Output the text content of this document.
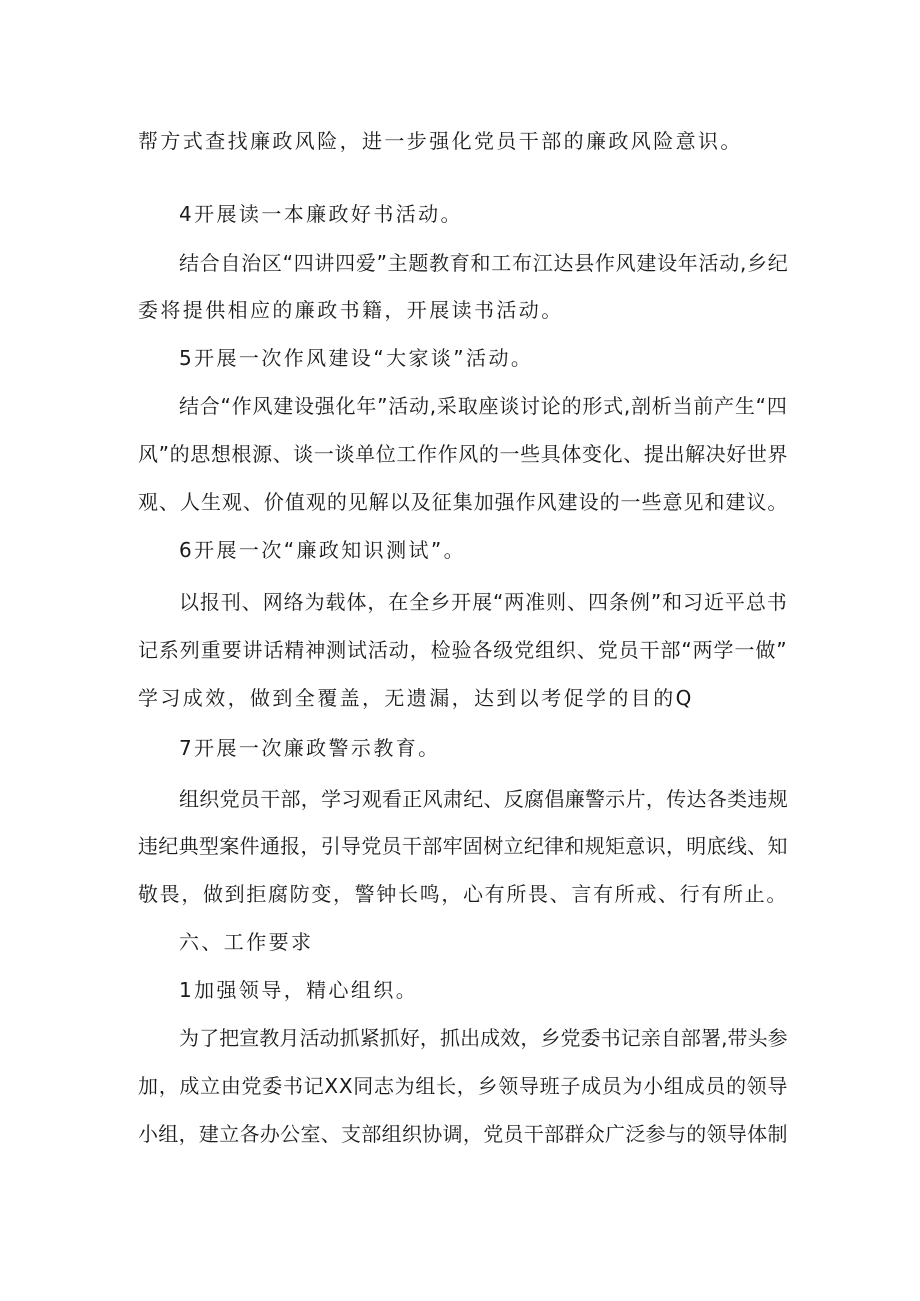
帮方式查找廉政风险，进一步强化党员干部的廉政风险意识。

4开展读一本廉政好书活动。

结合自治区“四讲四爱”主题教育和工布江达县作风建设年活动,乡纪

委将提供相应的廉政书籍，开展读书活动。

5开展一次作风建设“大家谈”活动。

结合“作风建设强化年”活动,采取座谈讨论的形式,剖析当前产生“四

风”的思想根源、谈一谈单位工作作风的一些具体变化、提出解决好世界

观、人生观、价值观的见解以及征集加强作风建设的一些意见和建议。

6开展一次“廉政知识测试”。

以报刊、网络为载体，在全乡开展“两准则、四条例”和习近平总书

记系列重要讲话精神测试活动，检验各级党组织、党员干部“两学一做”

学习成效，做到全覆盖，无遗漏，达到以考促学的目的Q

7开展一次廉政警示教育。

组织党员干部，学习观看正风肃纪、反腐倡廉警示片，传达各类违规

违纪典型案件通报，引导党员干部牢固树立纪律和规矩意识，明底线、知

敬畏，做到拒腐防变，警钟长鸣，心有所畏、言有所戒、行有所止。

六、工作要求

1加强领导，精心组织。

为了把宣教月活动抓紧抓好，抓出成效，乡党委书记亲自部署,带头参

加，成立由党委书记XX同志为组长，乡领导班子成员为小组成员的领导

小组，建立各办公室、支部组织协调，党员干部群众广泛参与的领导体制
